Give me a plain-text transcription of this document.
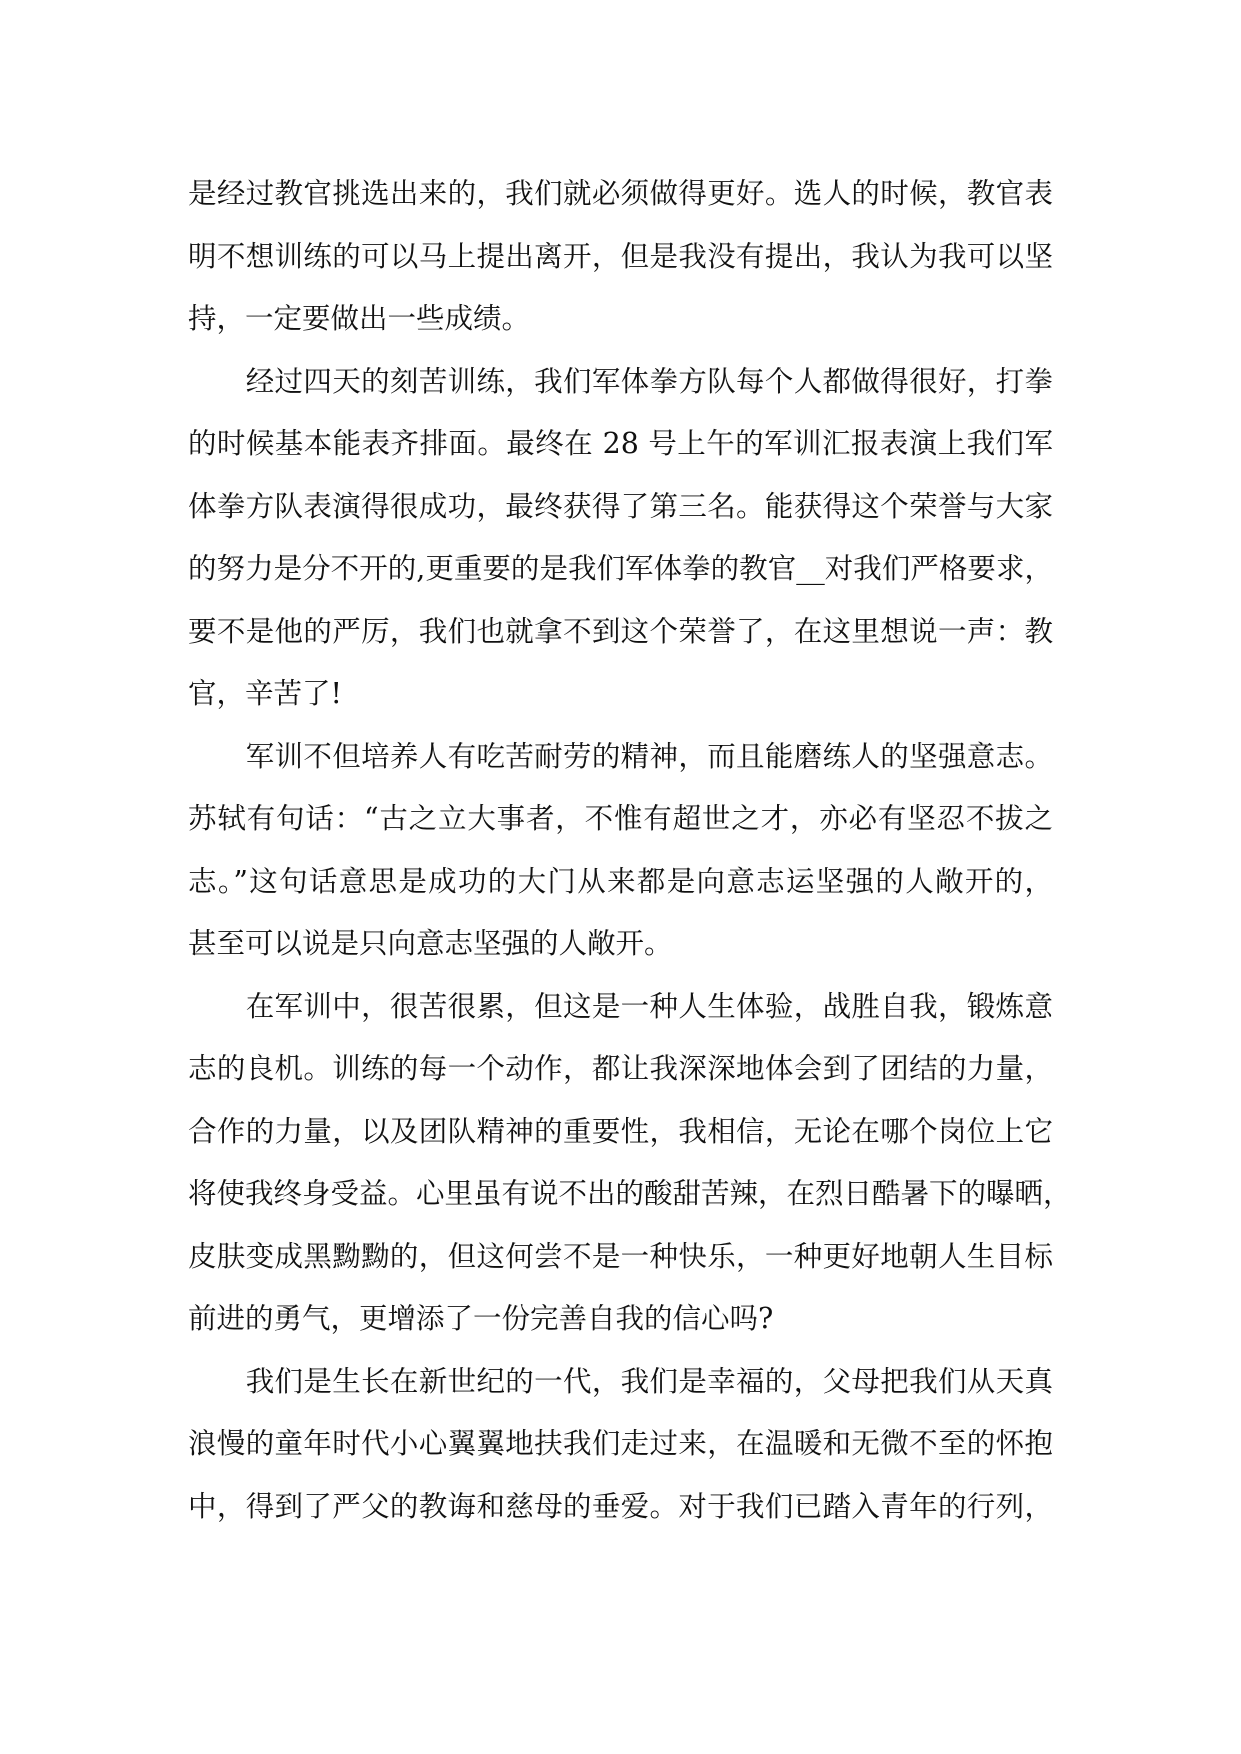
是经过教官挑选出来的，我们就必须做得更好。选人的时候，教官表
明不想训练的可以马上提出离开，但是我没有提出，我认为我可以坚
持，一定要做出一些成绩。
　　经过四天的刻苦训练，我们军体拳方队每个人都做得很好，打拳
的时候基本能表齐排面。最终在 28 号上午的军训汇报表演上我们军
体拳方队表演得很成功，最终获得了第三名。能获得这个荣誉与大家
的努力是分不开的,更重要的是我们军体拳的教官__对我们严格要求，
要不是他的严厉，我们也就拿不到这个荣誉了，在这里想说一声：教
官，辛苦了!
　　军训不但培养人有吃苦耐劳的精神，而且能磨练人的坚强意志。
苏轼有句话：“古之立大事者，不惟有超世之才，亦必有坚忍不拔之
志。”这句话意思是成功的大门从来都是向意志运坚强的人敞开的，
甚至可以说是只向意志坚强的人敞开。
　　在军训中，很苦很累，但这是一种人生体验，战胜自我，锻炼意
志的良机。训练的每一个动作，都让我深深地体会到了团结的力量，
合作的力量，以及团队精神的重要性，我相信，无论在哪个岗位上它
将使我终身受益。心里虽有说不出的酸甜苦辣，在烈日酷暑下的曝晒，
皮肤变成黑黝黝的，但这何尝不是一种快乐，一种更好地朝人生目标
前进的勇气，更增添了一份完善自我的信心吗?
　　我们是生长在新世纪的一代，我们是幸福的，父母把我们从天真
浪慢的童年时代小心翼翼地扶我们走过来，在温暖和无微不至的怀抱
中，得到了严父的教诲和慈母的垂爱。对于我们已踏入青年的行列，
